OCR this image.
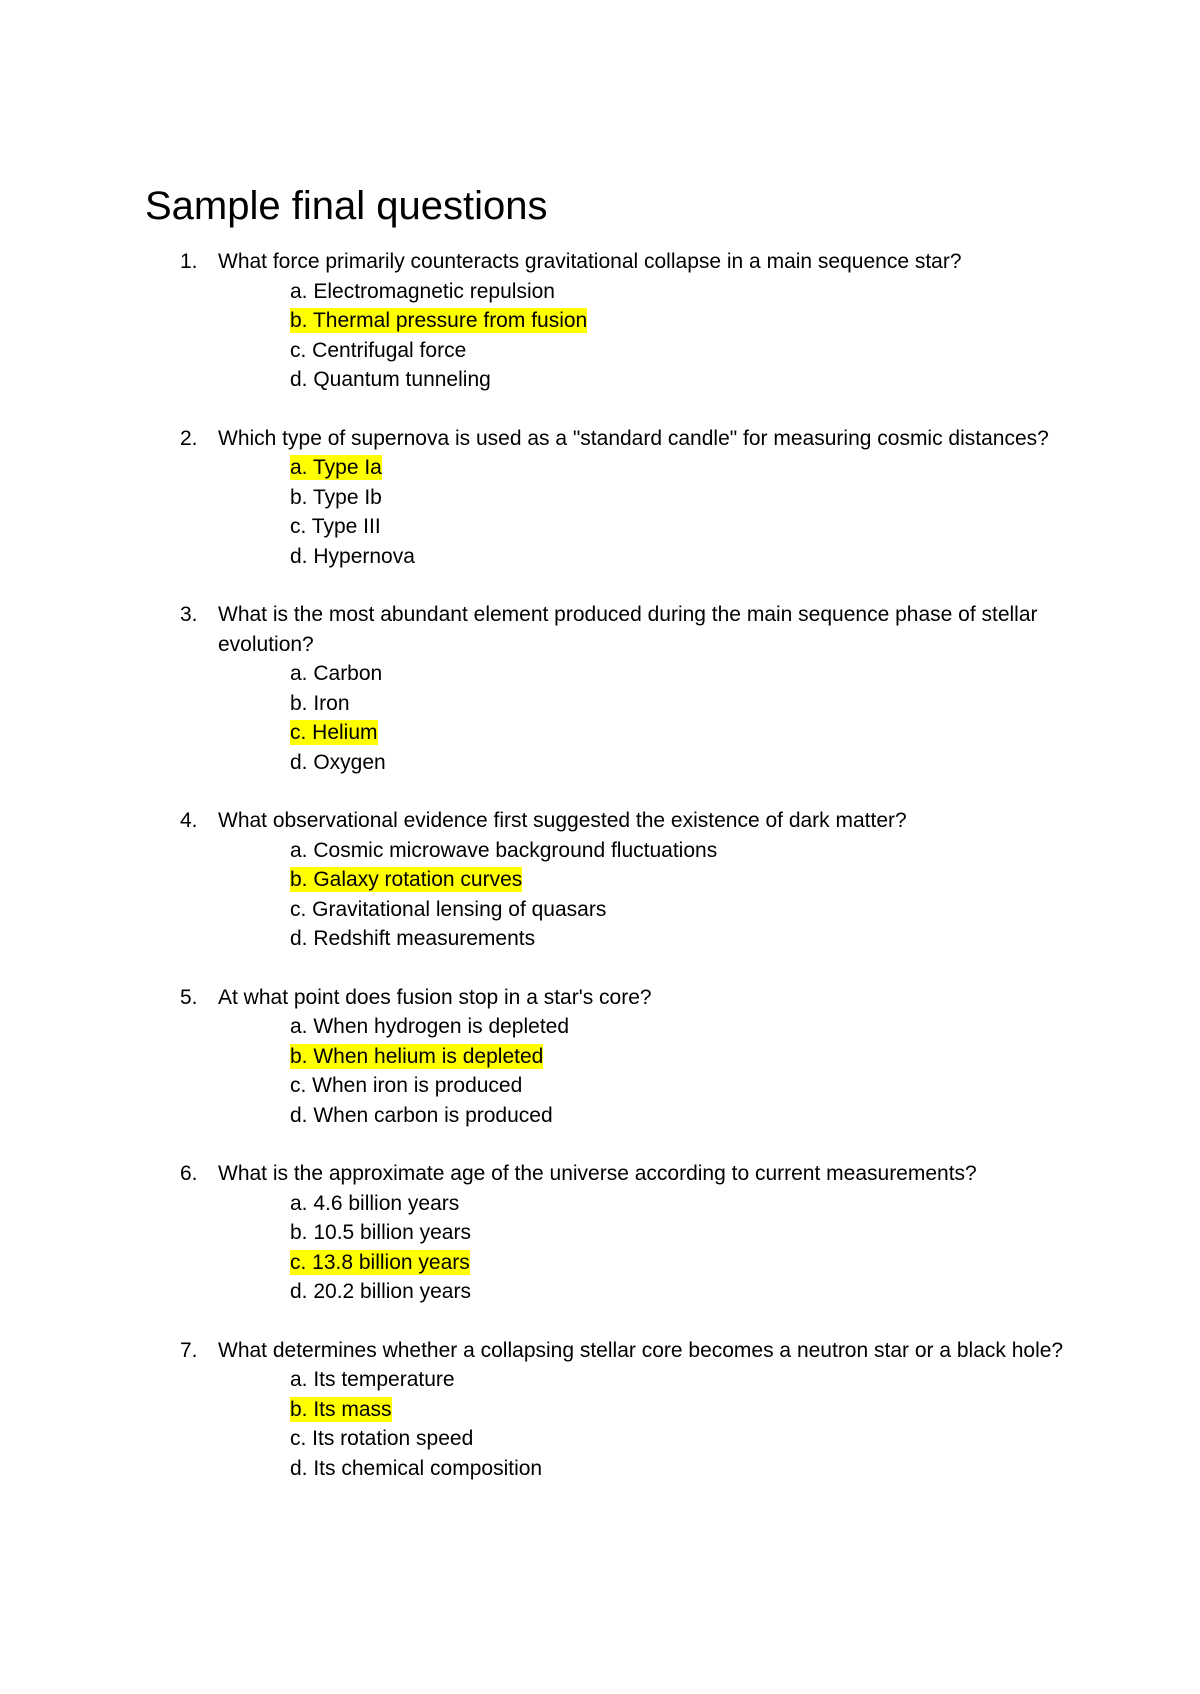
Sample final questions
1. What force primarily counteracts gravitational collapse in a main sequence star?
a. Electromagnetic repulsion
b. Thermal pressure from fusion
c. Centrifugal force
d. Quantum tunneling
2. Which type of supernova is used as a "standard candle" for measuring cosmic distances?
a. Type Ia
b. Type Ib
c. Type III
d. Hypernova
3. What is the most abundant element produced during the main sequence phase of stellar evolution?
a. Carbon
b. Iron
c. Helium
d. Oxygen
4. What observational evidence first suggested the existence of dark matter?
a. Cosmic microwave background fluctuations
b. Galaxy rotation curves
c. Gravitational lensing of quasars
d. Redshift measurements
5. At what point does fusion stop in a star's core?
a. When hydrogen is depleted
b. When helium is depleted
c. When iron is produced
d. When carbon is produced
6. What is the approximate age of the universe according to current measurements?
a. 4.6 billion years
b. 10.5 billion years
c. 13.8 billion years
d. 20.2 billion years
7. What determines whether a collapsing stellar core becomes a neutron star or a black hole?
a. Its temperature
b. Its mass
c. Its rotation speed
d. Its chemical composition
